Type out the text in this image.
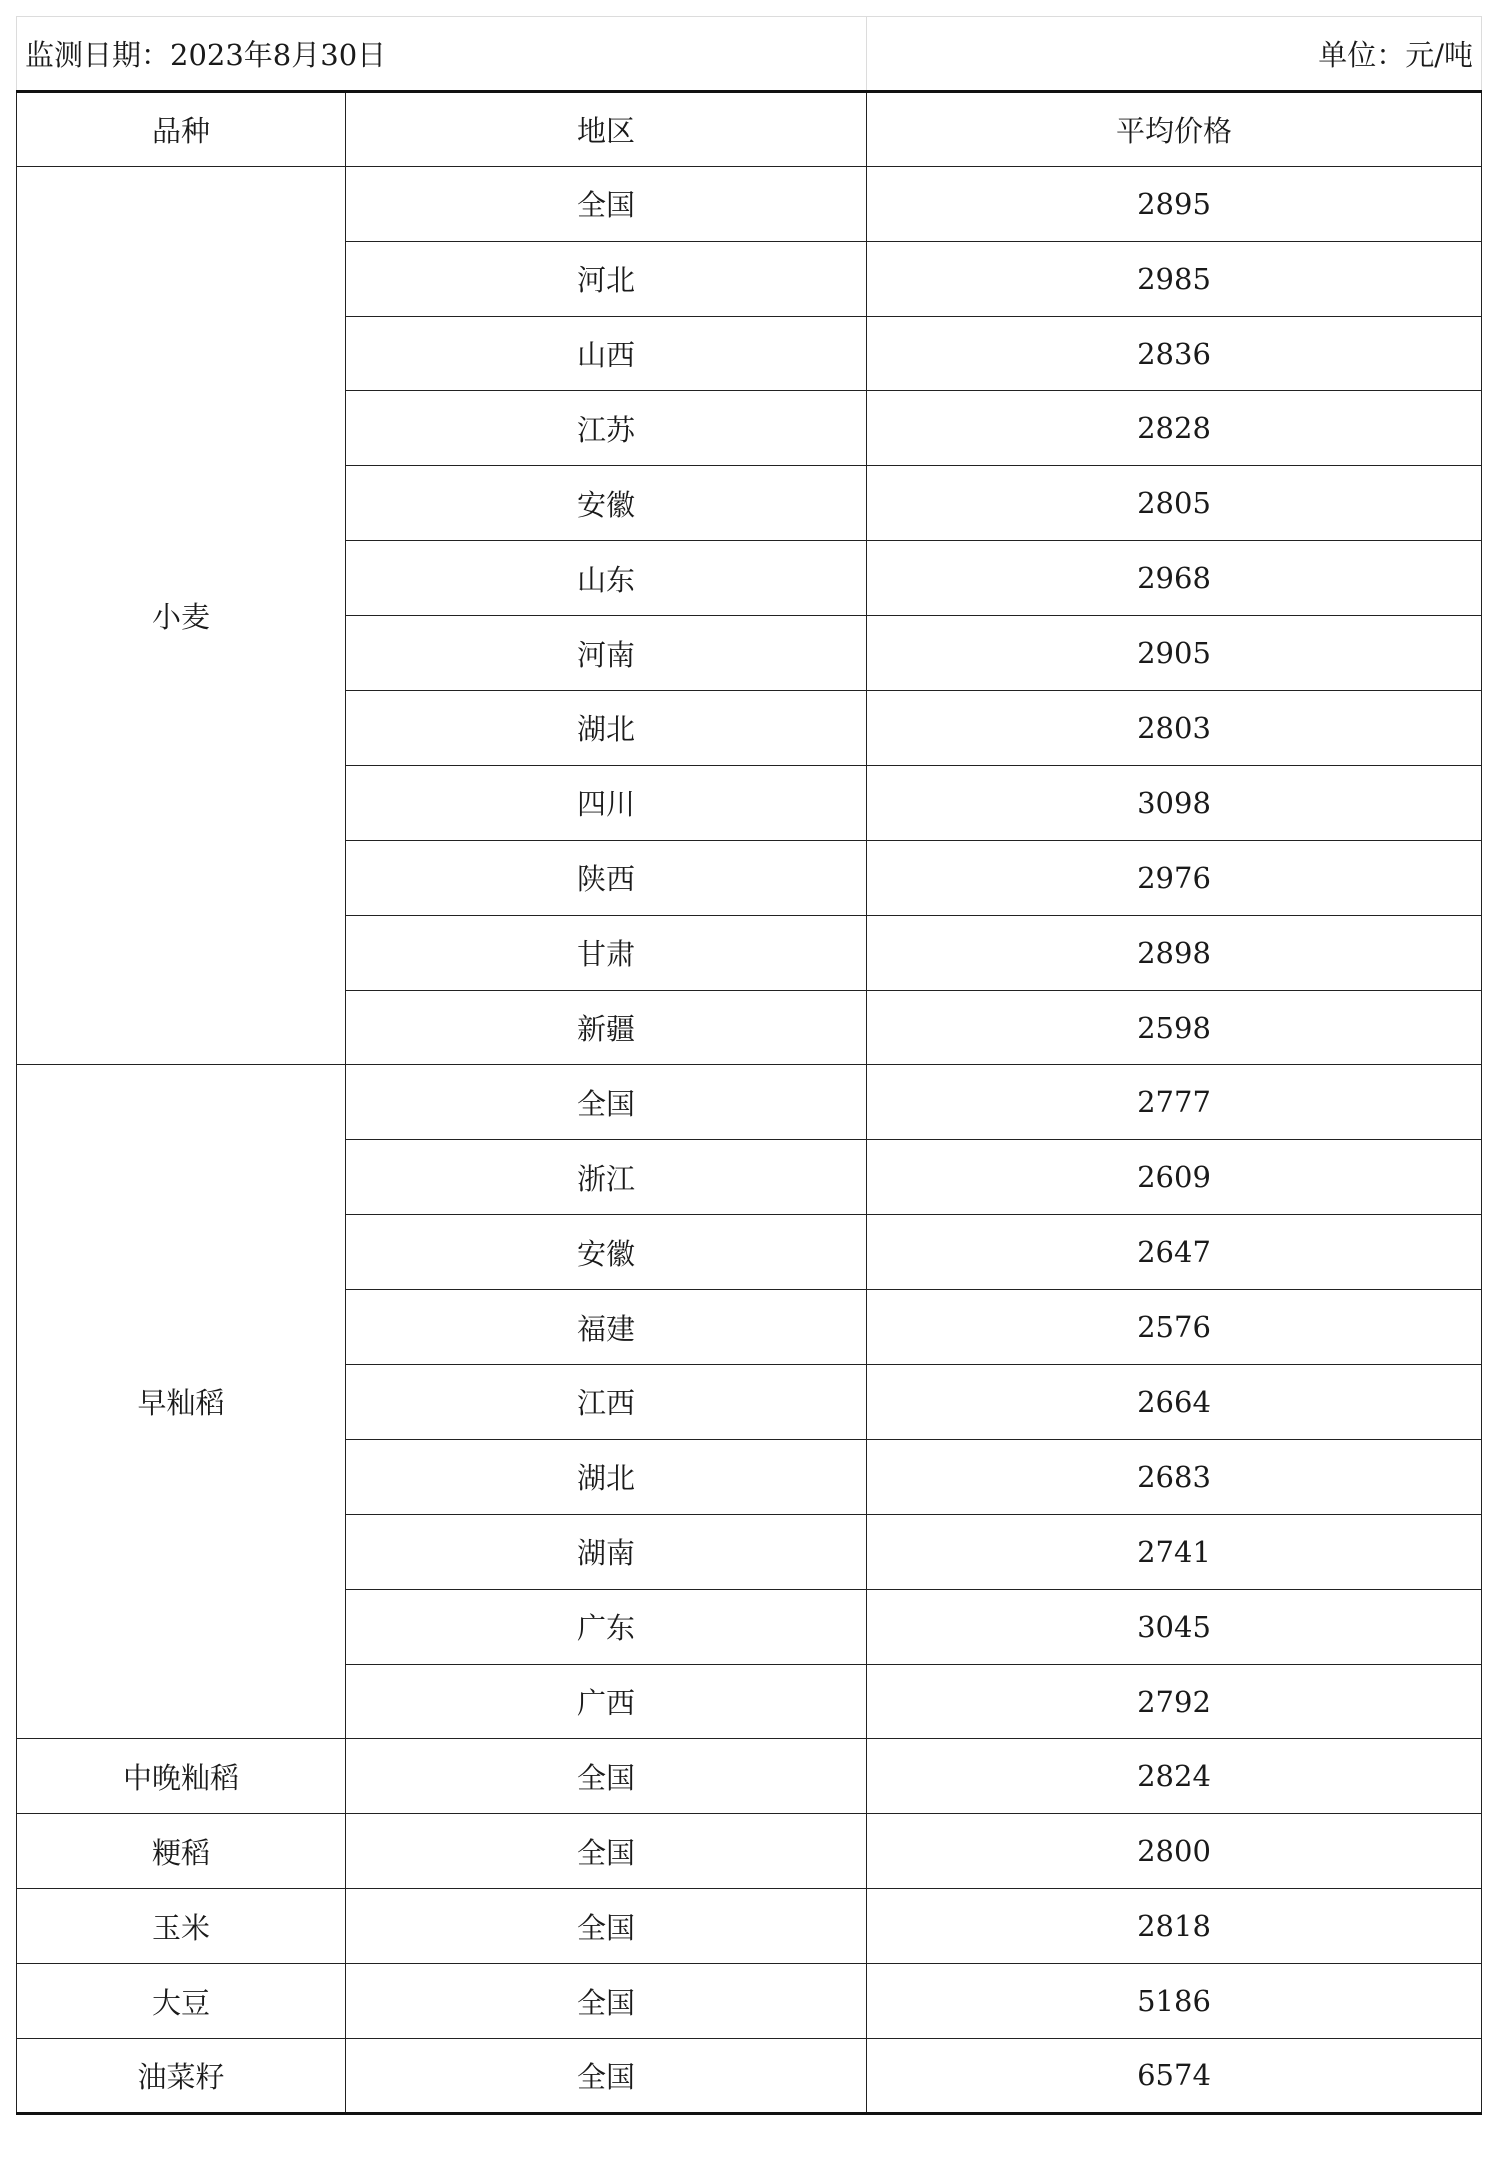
监测日期：2023年8月30日		单位：元/吨
品种	地区	平均价格
小麦	全国	2895
	河北	2985
	山西	2836
	江苏	2828
	安徽	2805
	山东	2968
	河南	2905
	湖北	2803
	四川	3098
	陕西	2976
	甘肃	2898
	新疆	2598
早籼稻	全国	2777
	浙江	2609
	安徽	2647
	福建	2576
	江西	2664
	湖北	2683
	湖南	2741
	广东	3045
	广西	2792
中晚籼稻	全国	2824
粳稻	全国	2800
玉米	全国	2818
大豆	全国	5186
油菜籽	全国	6574
